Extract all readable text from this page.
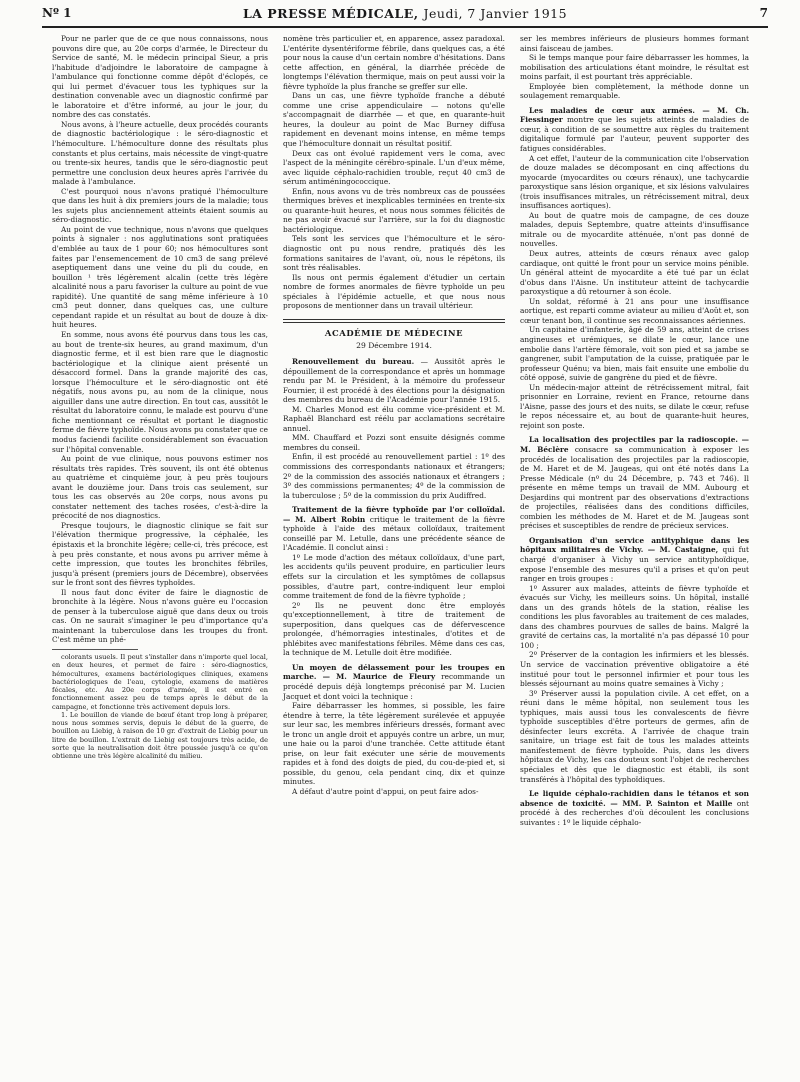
Nº 1	LA PRESSE MÉDICALE, Jeudi, 7 Janvier 1915	7

Pour ne parler que de ce que nous connaissons, nous pouvons dire que, au 20e corps d'armée, le Directeur du Service de santé, M. le médecin principal Sieur, a pris l'habitude d'adjoindre le laboratoire de campagne à l'ambulance qui fonctionne comme dépôt d'éclopés, ce qui lui permet d'évacuer tous les typhiques sur la destination convenable avec un diagnostic confirmé par le laboratoire et d'être informé, au jour le jour, du nombre des cas constatés.

Nous avons, à l'heure actuelle, deux procédés courants de diagnostic bactériologique : le séro-diagnostic et l'hémoculture. L'hémoculture donne des résultats plus constants et plus certains, mais nécessite de vingt-quatre ou trente-six heures, tandis que le séro-diagnostic peut permettre une conclusion deux heures après l'arrivée du malade à l'ambulance.

C'est pourquoi nous n'avons pratiqué l'hémoculture que dans les huit à dix premiers jours de la maladie; tous les sujets plus anciennement atteints étaient soumis au séro-diagnostic.

Au point de vue technique, nous n'avons que quelques points à signaler : nos agglutinations sont pratiquées d'emblée au taux de 1 pour 60; nos hémocultures sont faites par l'ensemencement de 10 cm3 de sang prélevé aseptiquement dans une veine du pli du coude, en bouillon ¹ très légèrement alcalin (cette très légère alcalinité nous a paru favoriser la culture au point de vue rapidité). Une quantité de sang même inférieure à 10 cm3 peut donner, dans quelques cas, une culture cependant rapide et un résultat au bout de douze à dix-huit heures.

En somme, nous avons été pourvus dans tous les cas, au bout de trente-six heures, au grand maximum, d'un diagnostic ferme, et il est bien rare que le diagnostic bactériologique et la clinique aient présenté un désaccord formel. Dans la grande majorité des cas, lorsque l'hémoculture et le séro-diagnostic ont été négatifs, nous avons pu, au nom de la clinique, nous aiguiller dans une autre direction. En tout cas, aussitôt le résultat du laboratoire connu, le malade est pourvu d'une fiche mentionnant ce résultat et portant le diagnostic ferme de fièvre typhoïde. Nous avons pu constater que ce modus faciendi facilite considérablement son évacuation sur l'hôpital convenable.

Au point de vue clinique, nous pouvons estimer nos résultats très rapides. Très souvent, ils ont été obtenus au quatrième et cinquième jour, à peu près toujours avant le douzième jour. Dans trois cas seulement, sur tous les cas observés au 20e corps, nous avons pu constater nettement des taches rosées, c'est-à-dire la précocité de nos diagnostics.

Presque toujours, le diagnostic clinique se fait sur l'élévation thermique progressive, la céphalée, les épistaxis et la bronchite légère; celle-ci, très précoce, est à peu près constante, et nous avons pu arriver même à cette impression, que toutes les bronchites fébriles, jusqu'à présent (premiers jours de Décembre), observées sur le front sont des fièvres typhoïdes.

Il nous faut donc éviter de faire le diagnostic de bronchite à la légère. Nous n'avons guère eu l'occasion de penser à la tuberculose aiguë que dans deux ou trois cas. On ne saurait s'imaginer le peu d'importance qu'a maintenant la tuberculose dans les troupes du front. C'est même un phé-

colorants usuels. Il peut s'installer dans n'importe quel local, en deux heures, et permet de faire : séro-diagnostics, hémocultures, examens bactériologiques cliniques, examens bactériologiques de l'eau, cytologie, examens de matières fécales, etc. Au 20e corps d'armée, il est entré en fonctionnement assez peu de temps après le début de la campagne, et fonctionne très activement depuis lors.

1. Le bouillon de viande de bœuf étant trop long à préparer, nous nous sommes servis, depuis le début de la guerre, de bouillon au Liebig, à raison de 10 gr. d'extrait de Liebig pour un litre de bouillon. L'extrait de Liebig est toujours très acide, de sorte que la neutralisation doit être poussée jusqu'à ce qu'on obtienne une très légère alcalinité du milieu.

nomène très particulier et, en apparence, assez paradoxal. L'entérite dysentériforme fébrile, dans quelques cas, a été pour nous la cause d'un certain nombre d'hésitations. Dans cette affection, en général, la diarrhée précède de longtemps l'élévation thermique, mais on peut aussi voir la fièvre typhoïde la plus franche se greffer sur elle.

Dans un cas, une fièvre typhoïde franche a débuté comme une crise appendiculaire — notons qu'elle s'accompagnait de diarrhée — et que, en quarante-huit heures, la douleur au point de Mac Burney diffusa rapidement en devenant moins intense, en même temps que l'hémoculture donnait un résultat positif.

Deux cas ont évolué rapidement vers le coma, avec l'aspect de la méningite cérébro-spinale. L'un d'eux même, avec liquide céphalo-rachidien trouble, reçut 40 cm3 de sérum antiméningococcique.

Enfin, nous avons vu de très nombreux cas de poussées thermiques brèves et inexplicables terminées en trente-six ou quarante-huit heures, et nous nous sommes félicités de ne pas avoir évacué sur l'arrière, sur la foi du diagnostic bactériologique.

Tels sont les services que l'hémoculture et le séro-diagnostic ont pu nous rendre, pratiqués dès les formations sanitaires de l'avant, où, nous le répétons, ils sont très réalisables.

Ils nous ont permis également d'étudier un certain nombre de formes anormales de fièvre typhoïde un peu spéciales à l'épidémie actuelle, et que nous nous proposons de mentionner dans un travail ultérieur.

ACADÉMIE DE MÉDECINE
29 Décembre 1914.

Renouvellement du bureau. — Aussitôt après le dépouillement de la correspondance et après un hommage rendu par M. le Président, à la mémoire du professeur Fournier, il est procédé à des élections pour la désignation des membres du bureau de l'Académie pour l'année 1915.

M. Charles Monod est élu comme vice-président et M. Raphaël Blanchard est réélu par acclamations secrétaire annuel.

MM. Chauffard et Pozzi sont ensuite désignés comme membres du conseil.

Enfin, il est procédé au renouvellement partiel : 1º des commissions des correspondants nationaux et étrangers; 2º de la commission des associés nationaux et étrangers ; 3º des commissions permanentes; 4º de la commission de la tuberculose ; 5º de la commission du prix Audiffred.

Traitement de la fièvre typhoïde par l'or colloïdal. — M. Albert Robin critique le traitement de la fièvre typhoïde à l'aide des métaux colloïdaux, traitement conseillé par M. Letulle, dans une précédente séance de l'Académie. Il conclut ainsi :

1º Le mode d'action des métaux colloïdaux, d'une part, les accidents qu'ils peuvent produire, en particulier leurs effets sur la circulation et les symptômes de collapsus possibles, d'autre part, contre-indiquent leur emploi comme traitement de fond de la fièvre typhoïde ;

2º Ils ne peuvent donc être employés qu'exceptionnellement, à titre de traitement de superposition, dans quelques cas de défervescence prolongée, d'hémorragies intestinales, d'otites et de phlébites avec manifestations fébriles. Même dans ces cas, la technique de M. Letulle doit être modifiée.

Un moyen de délassement pour les troupes en marche. — M. Maurice de Fleury recommande un procédé depuis déjà longtemps préconisé par M. Lucien Jacquet et dont voici la technique :

Faire débarrasser les hommes, si possible, les faire étendre à terre, la tête légèrement surélevée et appuyée sur leur sac, les membres inférieurs dressés, formant avec le tronc un angle droit et appuyés contre un arbre, un mur, une haie ou la paroi d'une tranchée. Cette attitude étant prise, on leur fait exécuter une série de mouvements rapides et à fond des doigts de pied, du cou-de-pied et, si possible, du genou, cela pendant cinq, dix et quinze minutes.

A défaut d'autre point d'appui, on peut faire ados-

ser les membres inférieurs de plusieurs hommes formant ainsi faisceau de jambes.

Si le temps manque pour faire débarrasser les hommes, la mobilisation des articulations étant moindre, le résultat est moins parfait, il est pourtant très appréciable.

Employée bien complètement, la méthode donne un soulagement remarquable.

Les maladies de cœur aux armées. — M. Ch. Fiessinger montre que les sujets atteints de maladies de cœur, à condition de se soumettre aux règles du traitement digitalique formulé par l'auteur, peuvent supporter des fatigues considérables.

A cet effet, l'auteur de la communication cite l'observation de douze malades se décomposant en cinq affections du myocarde (myocardites ou cœurs rénaux), une tachycardie paroxystique sans lésion organique, et six lésions valvulaires (trois insuffisances mitrales, un rétrécissement mitral, deux insuffisances aortiques).

Au bout de quatre mois de campagne, de ces douze malades, depuis Septembre, quatre atteints d'insuffisance mitrale ou de myocardite atténuée, n'ont pas donné de nouvelles.

Deux autres, atteints de cœurs rénaux avec galop cardiaque, ont quitté le front pour un service moins pénible. Un général atteint de myocardite a été tué par un éclat d'obus dans l'Aisne. Un instituteur atteint de tachycardie paroxystique a dû retourner à son école.

Un soldat, réformé à 21 ans pour une insuffisance aortique, est reparti comme aviateur au milieu d'Août et, son cœur tenant bon, il continue ses reconnaissances aériennes.

Un capitaine d'infanterie, âgé de 59 ans, atteint de crises angineuses et urémiques, se dilate le cœur, lance une embolie dans l'artère fémorale, voit son pied et sa jambe se gangrener, subit l'amputation de la cuisse, pratiquée par le professeur Quénu; va bien, mais fait ensuite une embolie du côté opposé, suivie de gangrène du pied et de fièvre.

Un médecin-major atteint de rétrécissement mitral, fait prisonnier en Lorraine, revient en France, retourne dans l'Aisne, passe des jours et des nuits, se dilate le cœur, refuse le repos nécessaire et, au bout de quarante-huit heures, rejoint son poste.

La localisation des projectiles par la radioscopie. — M. Béclère consacre sa communication à exposer les procédés de localisation des projectiles par la radioscopie, de M. Haret et de M. Jaugeas, qui ont été notés dans La Presse Médicale (nº du 24 Décembre, p. 743 et 746). Il présente en même temps un travail de MM. Aubourg et Desjardins qui montrent par des observations d'extractions de projectiles, réalisées dans des conditions difficiles, combien les méthodes de M. Haret et de M. Jaugeas sont précises et susceptibles de rendre de précieux services.

Organisation d'un service antityphique dans les hôpitaux militaires de Vichy. — M. Castaigne, qui fut chargé d'organiser à Vichy un service antityphoïdique, expose l'ensemble des mesures qu'il a prises et qu'on peut ranger en trois groupes :

1º Assurer aux malades, atteints de fièvre typhoïde et évacués sur Vichy, les meilleurs soins. Un hôpital, installé dans un des grands hôtels de la station, réalise les conditions les plus favorables au traitement de ces malades, dans des chambres pourvues de salles de bains. Malgré la gravité de certains cas, la mortalité n'a pas dépassé 10 pour 100 ;

2º Préserver de la contagion les infirmiers et les blessés. Un service de vaccination préventive obligatoire a été institué pour tout le personnel infirmier et pour tous les blessés séjournant au moins quatre semaines à Vichy ;

3º Préserver aussi la population civile. A cet effet, on a réuni dans le même hôpital, non seulement tous les typhiques, mais aussi tous les convalescents de fièvre typhoïde susceptibles d'être porteurs de germes, afin de désinfecter leurs excréta. A l'arrivée de chaque train sanitaire, un triage est fait de tous les malades atteints manifestement de fièvre typhoïde. Puis, dans les divers hôpitaux de Vichy, les cas douteux sont l'objet de recherches spéciales et dès que le diagnostic est établi, ils sont transférés à l'hôpital des typhoïdiques.

Le liquide céphalo-rachidien dans le tétanos et son absence de toxicité. — MM. P. Sainton et Maille ont procédé à des recherches d'où découlent les conclusions suivantes : 1º le liquide céphalo-
